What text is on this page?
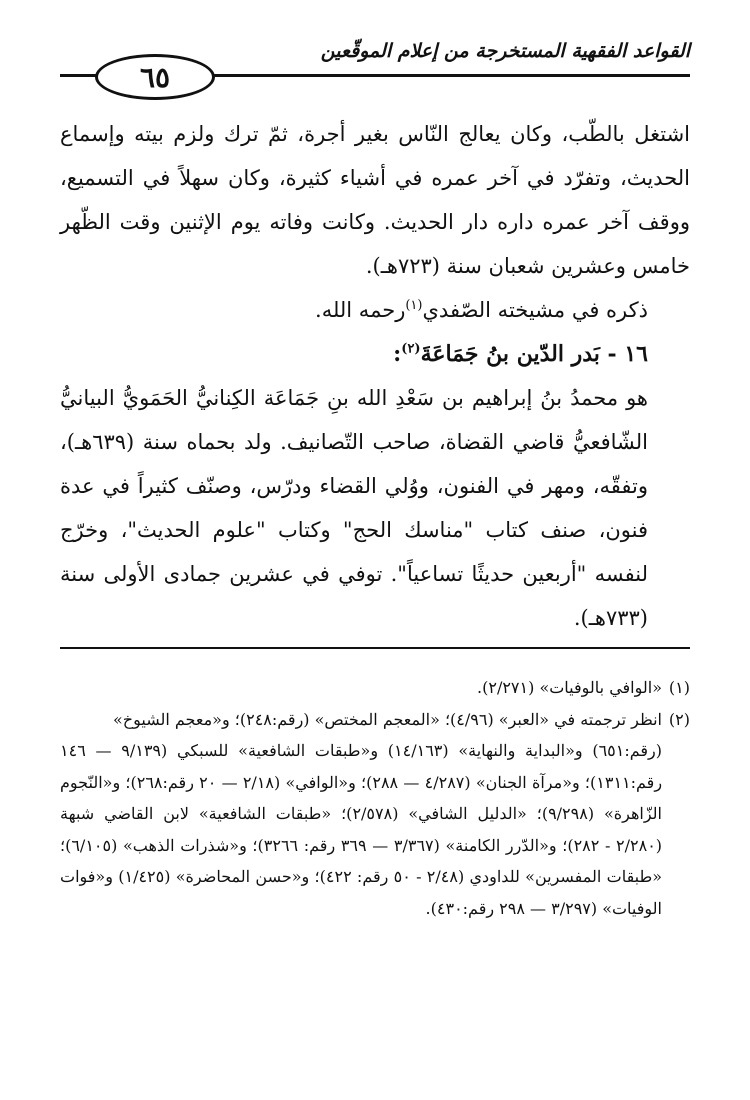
القواعد الفقهية المستخرجة من إعلام الموقّعين
٦٥

اشتغل بالطّب، وكان يعالج النّاس بغير أجرة، ثمّ ترك ولزم بيته وإسماع الحديث، وتفرّد في آخر عمره في أشياء كثيرة، وكان سهلاً في التسميع، ووقف آخر عمره داره دار الحديث. وكانت وفاته يوم الإثنين وقت الظّهر خامس وعشرين شعبان سنة (٧٢٣هـ).

ذكره في مشيخته الصّفدي$^{(١)}$رحمه الله.

١٦ - بَدر الدّين بنُ جَمَاعَةَ$^{(٢)}$:

هو محمدُ بنُ إبراهيم بن سَعْدِ الله بنِ جَمَاعَة الكِنانيُّ الحَمَويُّ البيانيُّ الشّافعيُّ قاضي القضاة، صاحب التّصانيف. ولد بحماه سنة (٦٣٩هـ)، وتفقّه، ومهر في الفنون، ووُلي القضاء ودرّس، وصنّف كثيراً في عدة فنون، صنف كتاب "مناسك الحج" وكتاب "علوم الحديث"، وخرّج لنفسه "أربعين حديثًا تساعياً". توفي في عشرين جمادى الأولى سنة (٧٣٣هـ).

(١)«الوافي بالوفيات» (٢/٢٧١).

(٢)انظر ترجمته في «العبر» (٤/٩٦)؛ «المعجم المختص» (رقم:٢٤٨)؛ و«معجم الشيوخ»

(رقم:٦٥١) و«البداية والنهاية» (١٤/١٦٣) و«طبقات الشافعية» للسبكي (٩/١٣٩ — ١٤٦ رقم:١٣١١)؛ و«مرآة الجنان» (٤/٢٨٧ — ٢٨٨)؛ و«الوافي» (٢/١٨ — ٢٠ رقم:٢٦٨)؛ و«النّجوم الزّاهرة» (٩/٢٩٨)؛ «الدليل الشافي» (٢/٥٧٨)؛ «طبقات الشافعية» لابن القاضي شبهة (٢/٢٨٠ - ٢٨٢)؛ و«الدّرر الكامنة» (٣/٣٦٧ — ٣٦٩ رقم: ٣٢٦٦)؛ و«شذرات الذهب» (٦/١٠٥)؛ «طبقات المفسرين» للداودي (٢/٤٨ - ٥٠ رقم: ٤٢٢)؛ و«حسن المحاضرة» (١/٤٢٥) و«فوات الوفيات» (٣/٢٩٧ — ٢٩٨ رقم:٤٣٠).
